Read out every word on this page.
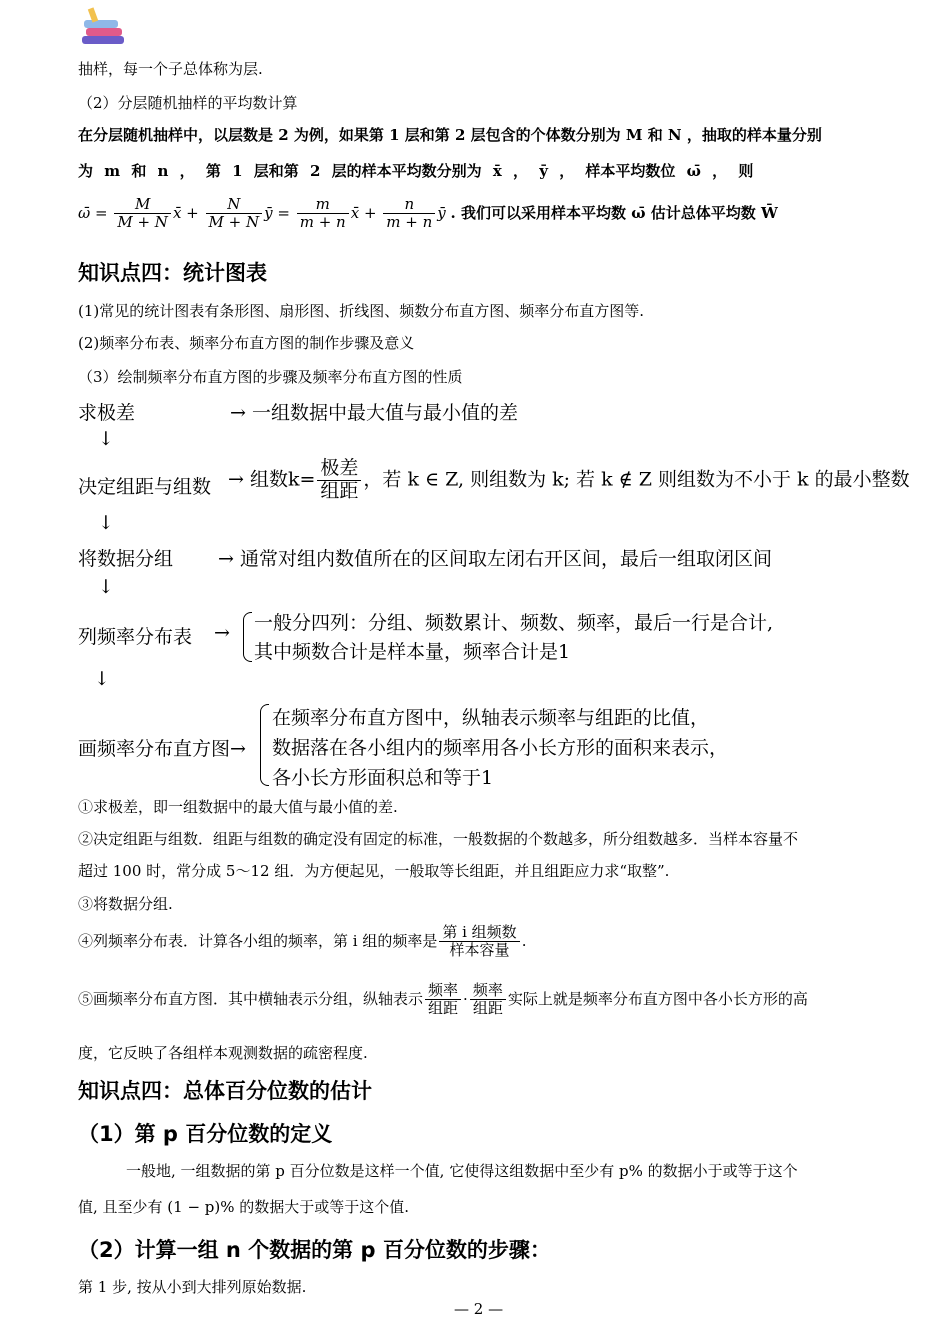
抽样，每一个子总体称为层.
（2）分层随机抽样的平均数计算
在分层随机抽样中，以层数是 2 为例，如果第 1 层和第 2 层包含的个体数分别为 M 和 N ，抽取的样本量分别
为 m 和 n ， 第 1 层和第 2 层的样本平均数分别为 x̄ ， ȳ ， 样本平均数位 ω̄ ， 则
ω̄ = $\frac{M}{M + N}$ x̄ + $\frac{N}{M + N}$ ȳ = $\frac{m}{m + n}$ x̄ + $\frac{n}{m + n}$ ȳ . 我们可以采用样本平均数 ω̄ 估计总体平均数 W̄
知识点四：统计图表
(1)常见的统计图表有条形图、扇形图、折线图、频数分布直方图、频率分布直方图等.
(2)频率分布表、频率分布直方图的制作步骤及意义
（3）绘制频率分布直方图的步骤及频率分布直方图的性质
求极差	→ 一组数据中最大值与最小值的差
↓
决定组距与组数 → 组数$k= \frac{\text{极差}}{\text{组距}}$ ，若 k ∈ Z, 则组数为 k; 若 k ∉ Z 则组数为不小于 k 的最小整数
↓
将数据分组 → 通常对组内数值所在的区间取左闭右开区间，最后一组取闭区间
↓
列频率分布表 → 一般分四列：分组、频数累计、频数、频率，最后一行是合计,
其中频数合计是样本量，频率合计是1
↓
画频率分布直方图→
在频率分布直方图中，纵轴表示频率与组距的比值，
数据落在各小组内的频率用各小长方形的面积来表示，
各小长方形面积总和等于1
①求极差，即一组数据中的最大值与最小值的差.
②决定组距与组数．组距与组数的确定没有固定的标准，一般数据的个数越多，所分组数越多．当样本容量不
超过 100 时，常分成 5～12 组．为方便起见，一般取等长组距，并且组距应力求“取整”.
③将数据分组.
④列频率分布表．计算各小组的频率，第 i 组的频率是 $\frac{\text{第 i 组频数}}{\text{样本容量}}$ .
⑤画频率分布直方图．其中横轴表示分组，纵轴表示 $\frac{\text{频率}}{\text{组距}} \cdot \frac{\text{频率}}{\text{组距}}$ 实际上就是频率分布直方图中各小长方形的高
度，它反映了各组样本观测数据的疏密程度.
知识点四：总体百分位数的估计
（1）第 p 百分位数的定义
一般地, 一组数据的第 p 百分位数是这样一个值, 它使得这组数据中至少有 p% 的数据小于或等于这个
值, 且至少有 (1 − p)% 的数据大于或等于这个值.
（2）计算一组 n 个数据的第 p 百分位数的步骤：
第 1 步, 按从小到大排列原始数据.
— 2 —
